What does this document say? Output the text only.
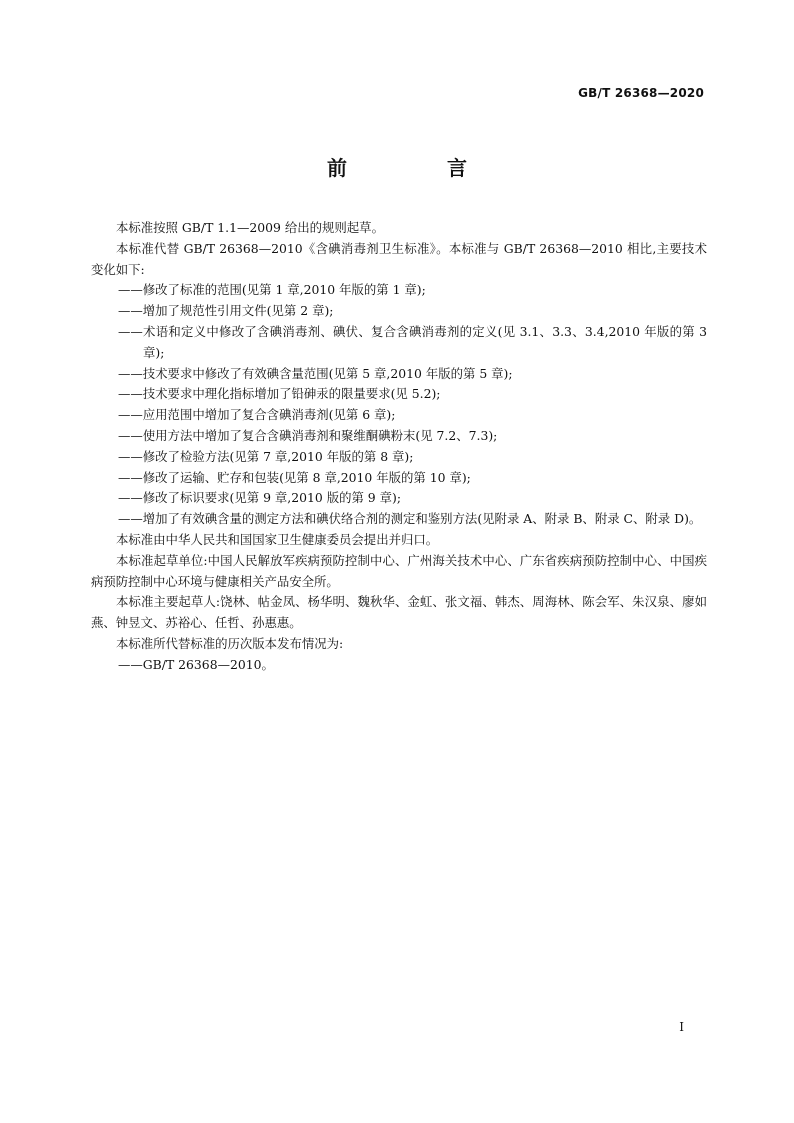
GB/T 26368—2020
前　言

本标准按照 GB/T 1.1—2009 给出的规则起草。

本标准代替 GB/T 26368—2010《含碘消毒剂卫生标准》。本标准与 GB/T 26368—2010 相比,主要技术变化如下:

——修改了标准的范围(见第 1 章,2010 年版的第 1 章);

——增加了规范性引用文件(见第 2 章);

——术语和定义中修改了含碘消毒剂、碘伏、复合含碘消毒剂的定义(见 3.1、3.3、3.4,2010 年版的第 3 章);

——技术要求中修改了有效碘含量范围(见第 5 章,2010 年版的第 5 章);

——技术要求中理化指标增加了铅砷汞的限量要求(见 5.2);

——应用范围中增加了复合含碘消毒剂(见第 6 章);

——使用方法中增加了复合含碘消毒剂和聚维酮碘粉末(见 7.2、7.3);

——修改了检验方法(见第 7 章,2010 年版的第 8 章);

——修改了运输、贮存和包装(见第 8 章,2010 年版的第 10 章);

——修改了标识要求(见第 9 章,2010 版的第 9 章);

——增加了有效碘含量的测定方法和碘伏络合剂的测定和鉴别方法(见附录 A、附录 B、附录 C、附录 D)。

本标准由中华人民共和国国家卫生健康委员会提出并归口。

本标准起草单位:中国人民解放军疾病预防控制中心、广州海关技术中心、广东省疾病预防控制中心、中国疾病预防控制中心环境与健康相关产品安全所。

本标准主要起草人:饶林、帖金凤、杨华明、魏秋华、金虹、张文福、韩杰、周海林、陈会军、朱汉泉、廖如燕、钟昱文、苏裕心、任哲、孙惠惠。

本标准所代替标准的历次版本发布情况为:

——GB/T 26368—2010。

I
